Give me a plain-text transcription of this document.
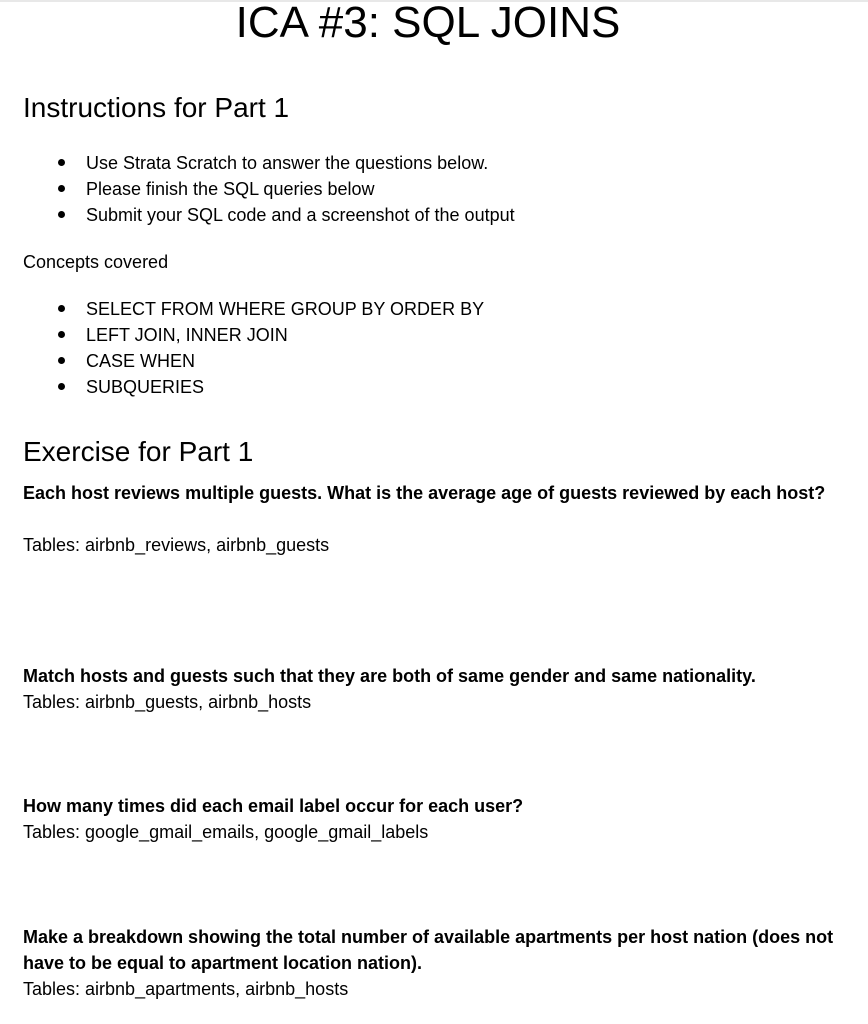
ICA #3: SQL JOINS
Instructions for Part 1
Use Strata Scratch to answer the questions below.
Please finish the SQL queries below
Submit your SQL code and a screenshot of the output

Concepts covered

SELECT FROM WHERE GROUP BY ORDER BY
LEFT JOIN, INNER JOIN
CASE WHEN
SUBQUERIES
Exercise for Part 1

Each host reviews multiple guests. What is the average age of guests reviewed by each host?

Tables: airbnb_reviews, airbnb_guests

Match hosts and guests such that they are both of same gender and same nationality.

Tables: airbnb_guests, airbnb_hosts

How many times did each email label occur for each user?

Tables: google_gmail_emails, google_gmail_labels

Make a breakdown showing the total number of available apartments per host nation (does not have to be equal to apartment location nation).

Tables: airbnb_apartments, airbnb_hosts
